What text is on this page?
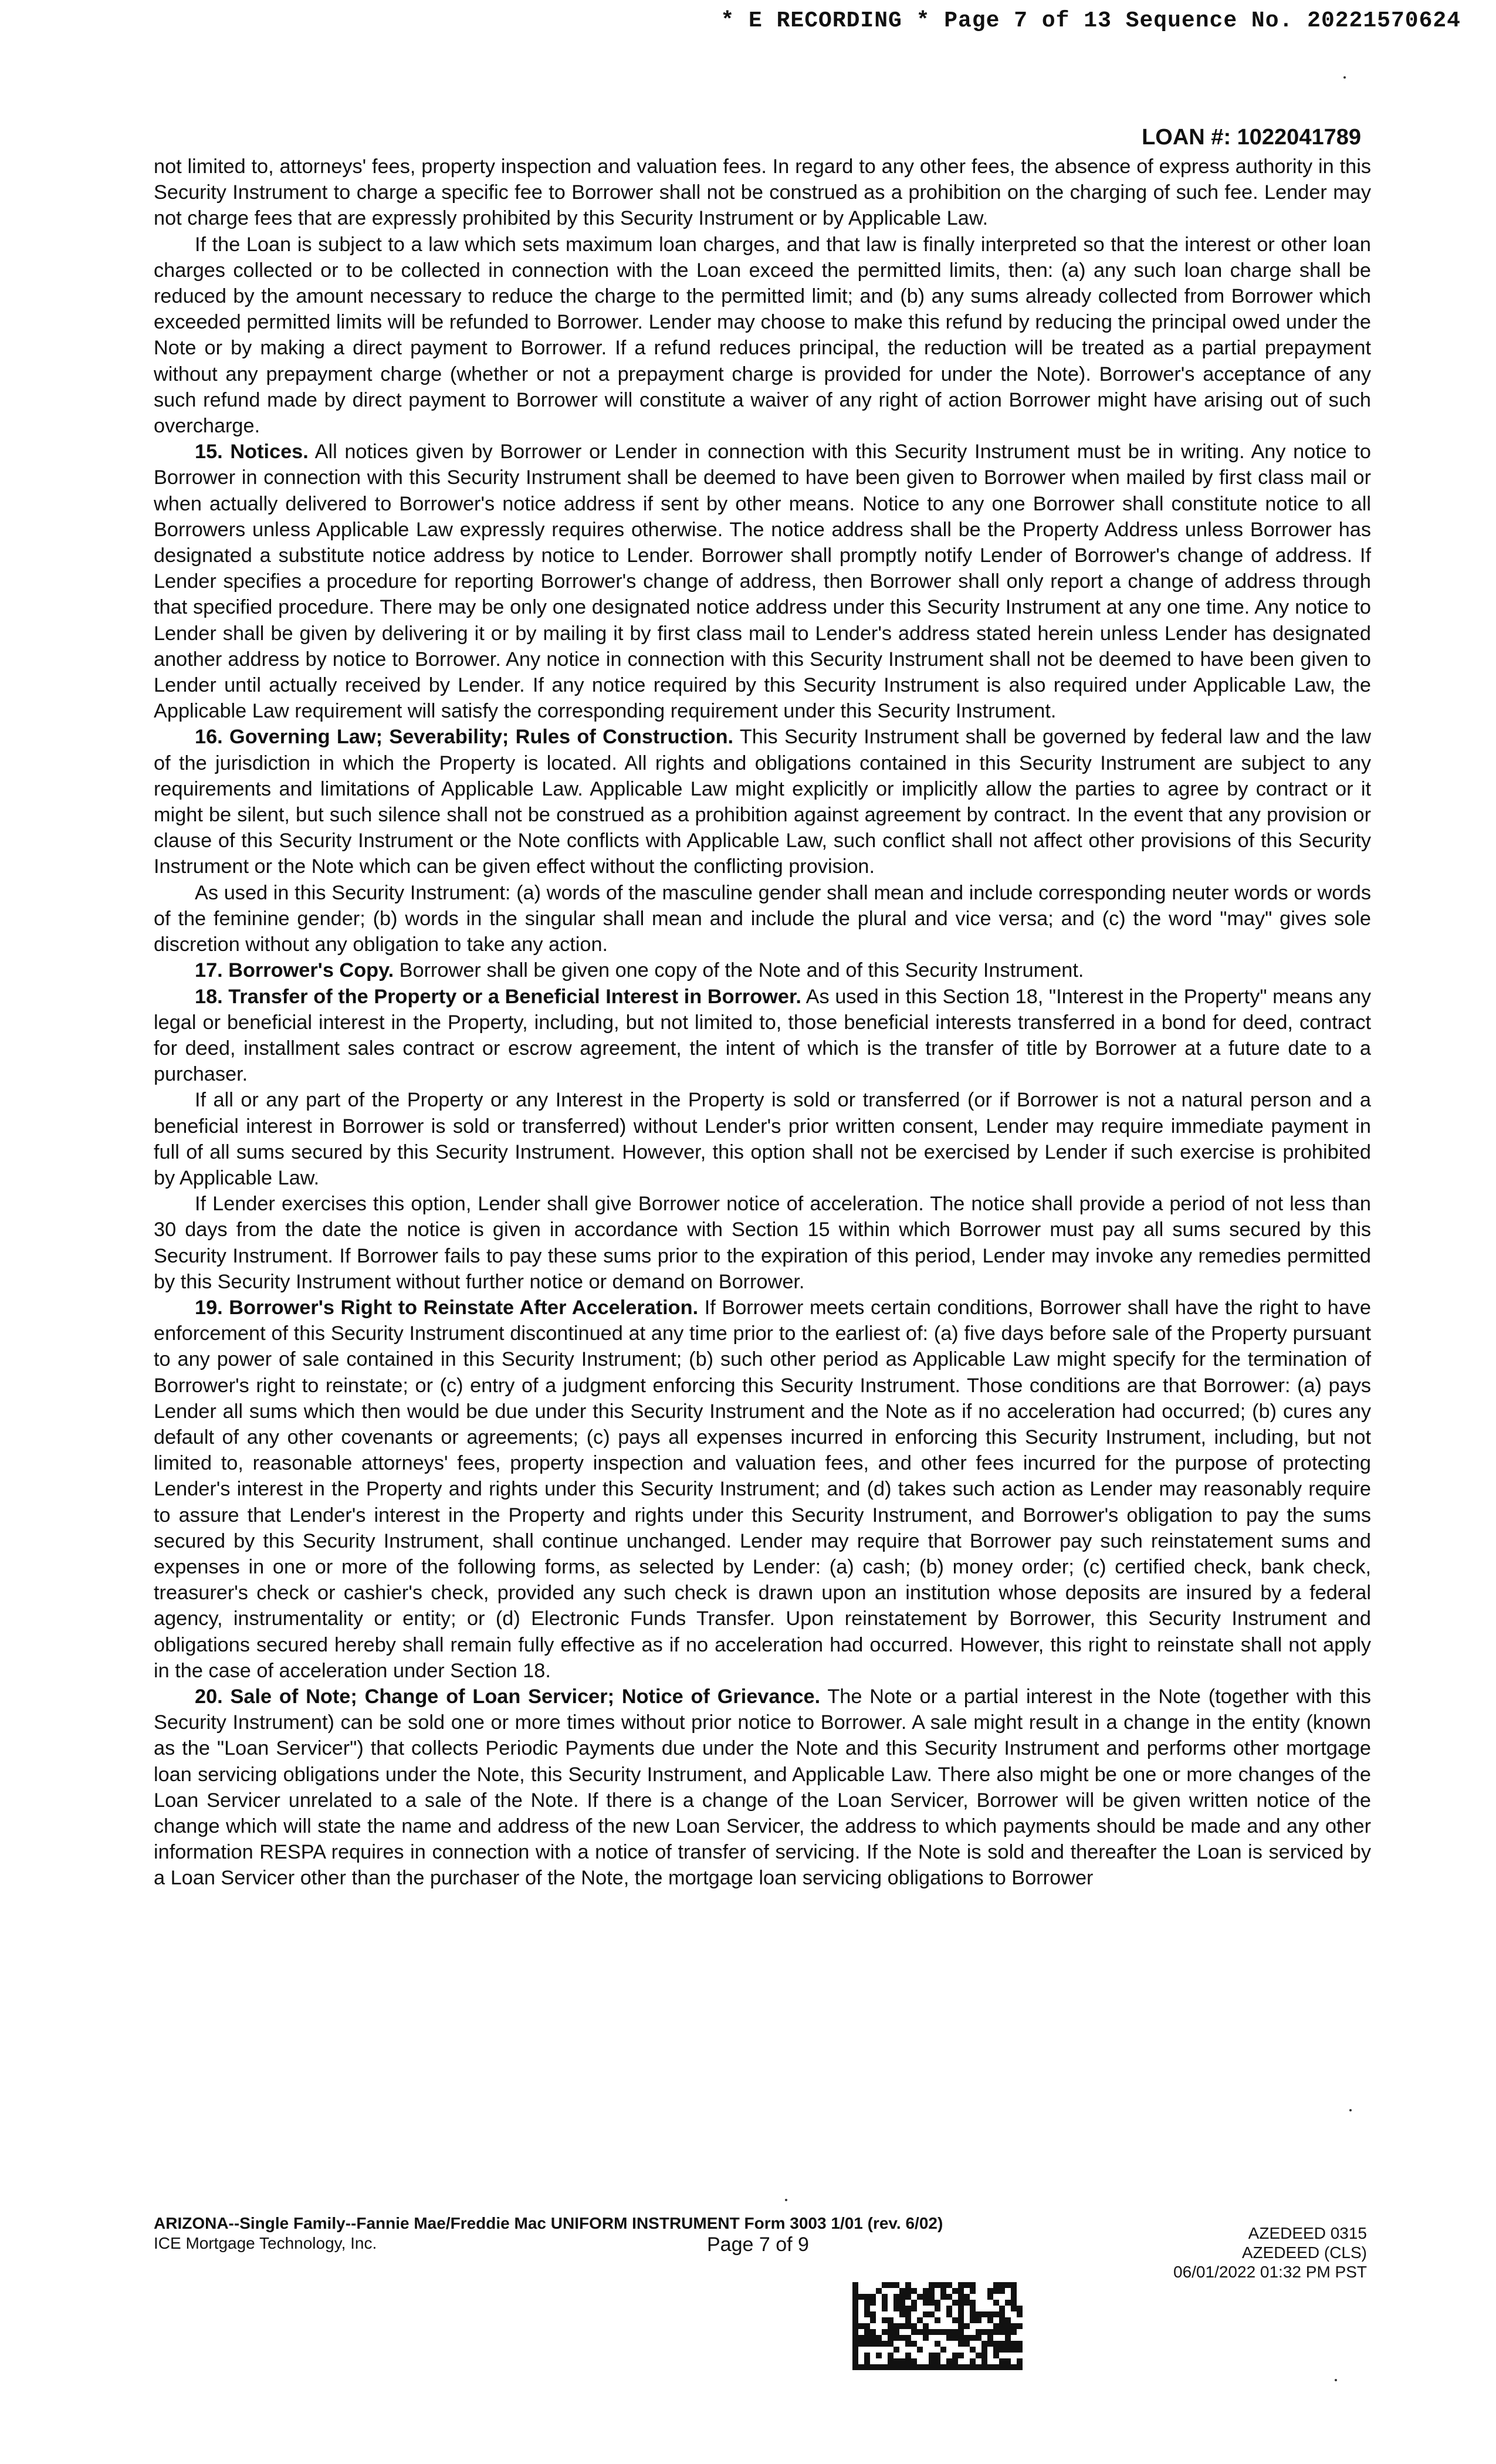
* E RECORDING * Page 7 of 13 Sequence No. 20221570624
LOAN #: 1022041789

not limited to, attorneys' fees, property inspection and valuation fees. In regard to any other fees, the absence of express authority in this Security Instrument to charge a specific fee to Borrower shall not be construed as a prohibition on the charging of such fee. Lender may not charge fees that are expressly prohibited by this Security Instrument or by Applicable Law.

If the Loan is subject to a law which sets maximum loan charges, and that law is finally interpreted so that the interest or other loan charges collected or to be collected in connection with the Loan exceed the permitted limits, then: (a) any such loan charge shall be reduced by the amount necessary to reduce the charge to the permitted limit; and (b) any sums already collected from Borrower which exceeded permitted limits will be refunded to Borrower. Lender may choose to make this refund by reducing the principal owed under the Note or by making a direct payment to Borrower. If a refund reduces principal, the reduction will be treated as a partial prepayment without any prepayment charge (whether or not a prepayment charge is provided for under the Note). Borrower's acceptance of any such refund made by direct payment to Borrower will constitute a waiver of any right of action Borrower might have arising out of such overcharge.

15. Notices. All notices given by Borrower or Lender in connection with this Security Instrument must be in writing. Any notice to Borrower in connection with this Security Instrument shall be deemed to have been given to Borrower when mailed by first class mail or when actually delivered to Borrower's notice address if sent by other means. Notice to any one Borrower shall constitute notice to all Borrowers unless Applicable Law expressly requires otherwise. The notice address shall be the Property Address unless Borrower has designated a substitute notice address by notice to Lender. Borrower shall promptly notify Lender of Borrower's change of address. If Lender specifies a procedure for reporting Borrower's change of address, then Borrower shall only report a change of address through that specified procedure. There may be only one designated notice address under this Security Instrument at any one time. Any notice to Lender shall be given by delivering it or by mailing it by first class mail to Lender's address stated herein unless Lender has designated another address by notice to Borrower. Any notice in connection with this Security Instrument shall not be deemed to have been given to Lender until actually received by Lender. If any notice required by this Security Instrument is also required under Applicable Law, the Applicable Law requirement will satisfy the corresponding requirement under this Security Instrument.

16. Governing Law; Severability; Rules of Construction. This Security Instrument shall be governed by federal law and the law of the jurisdiction in which the Property is located. All rights and obligations contained in this Security Instrument are subject to any requirements and limitations of Applicable Law. Applicable Law might explicitly or implicitly allow the parties to agree by contract or it might be silent, but such silence shall not be construed as a prohibition against agreement by contract. In the event that any provision or clause of this Security Instrument or the Note conflicts with Applicable Law, such conflict shall not affect other provisions of this Security Instrument or the Note which can be given effect without the conflicting provision.

As used in this Security Instrument: (a) words of the masculine gender shall mean and include corresponding neuter words or words of the feminine gender; (b) words in the singular shall mean and include the plural and vice versa; and (c) the word "may" gives sole discretion without any obligation to take any action.

17. Borrower's Copy. Borrower shall be given one copy of the Note and of this Security Instrument.

18. Transfer of the Property or a Beneficial Interest in Borrower. As used in this Section 18, "Interest in the Property" means any legal or beneficial interest in the Property, including, but not limited to, those beneficial interests transferred in a bond for deed, contract for deed, installment sales contract or escrow agreement, the intent of which is the transfer of title by Borrower at a future date to a purchaser.

If all or any part of the Property or any Interest in the Property is sold or transferred (or if Borrower is not a natural person and a beneficial interest in Borrower is sold or transferred) without Lender's prior written consent, Lender may require immediate payment in full of all sums secured by this Security Instrument. However, this option shall not be exercised by Lender if such exercise is prohibited by Applicable Law.

If Lender exercises this option, Lender shall give Borrower notice of acceleration. The notice shall provide a period of not less than 30 days from the date the notice is given in accordance with Section 15 within which Borrower must pay all sums secured by this Security Instrument. If Borrower fails to pay these sums prior to the expiration of this period, Lender may invoke any remedies permitted by this Security Instrument without further notice or demand on Borrower.

19. Borrower's Right to Reinstate After Acceleration. If Borrower meets certain conditions, Borrower shall have the right to have enforcement of this Security Instrument discontinued at any time prior to the earliest of: (a) five days before sale of the Property pursuant to any power of sale contained in this Security Instrument; (b) such other period as Applicable Law might specify for the termination of Borrower's right to reinstate; or (c) entry of a judgment enforcing this Security Instrument. Those conditions are that Borrower: (a) pays Lender all sums which then would be due under this Security Instrument and the Note as if no acceleration had occurred; (b) cures any default of any other covenants or agreements; (c) pays all expenses incurred in enforcing this Security Instrument, including, but not limited to, reasonable attorneys' fees, property inspection and valuation fees, and other fees incurred for the purpose of protecting Lender's interest in the Property and rights under this Security Instrument; and (d) takes such action as Lender may reasonably require to assure that Lender's interest in the Property and rights under this Security Instrument, and Borrower's obligation to pay the sums secured by this Security Instrument, shall continue unchanged. Lender may require that Borrower pay such reinstatement sums and expenses in one or more of the following forms, as selected by Lender: (a) cash; (b) money order; (c) certified check, bank check, treasurer's check or cashier's check, provided any such check is drawn upon an institution whose deposits are insured by a federal agency, instrumentality or entity; or (d) Electronic Funds Transfer. Upon reinstatement by Borrower, this Security Instrument and obligations secured hereby shall remain fully effective as if no acceleration had occurred. However, this right to reinstate shall not apply in the case of acceleration under Section 18.

20. Sale of Note; Change of Loan Servicer; Notice of Grievance. The Note or a partial interest in the Note (together with this Security Instrument) can be sold one or more times without prior notice to Borrower. A sale might result in a change in the entity (known as the "Loan Servicer") that collects Periodic Payments due under the Note and this Security Instrument and performs other mortgage loan servicing obligations under the Note, this Security Instrument, and Applicable Law. There also might be one or more changes of the Loan Servicer unrelated to a sale of the Note. If there is a change of the Loan Servicer, Borrower will be given written notice of the change which will state the name and address of the new Loan Servicer, the address to which payments should be made and any other information RESPA requires in connection with a notice of transfer of servicing. If the Note is sold and thereafter the Loan is serviced by a Loan Servicer other than the purchaser of the Note, the mortgage loan servicing obligations to Borrower

ARIZONA--Single Family--Fannie Mae/Freddie Mac UNIFORM INSTRUMENT Form 3003 1/01 (rev. 6/02)
ICE Mortgage Technology, Inc.	Page 7 of 9
AZEDEED 0315
AZEDEED (CLS)
06/01/2022 01:32 PM PST
